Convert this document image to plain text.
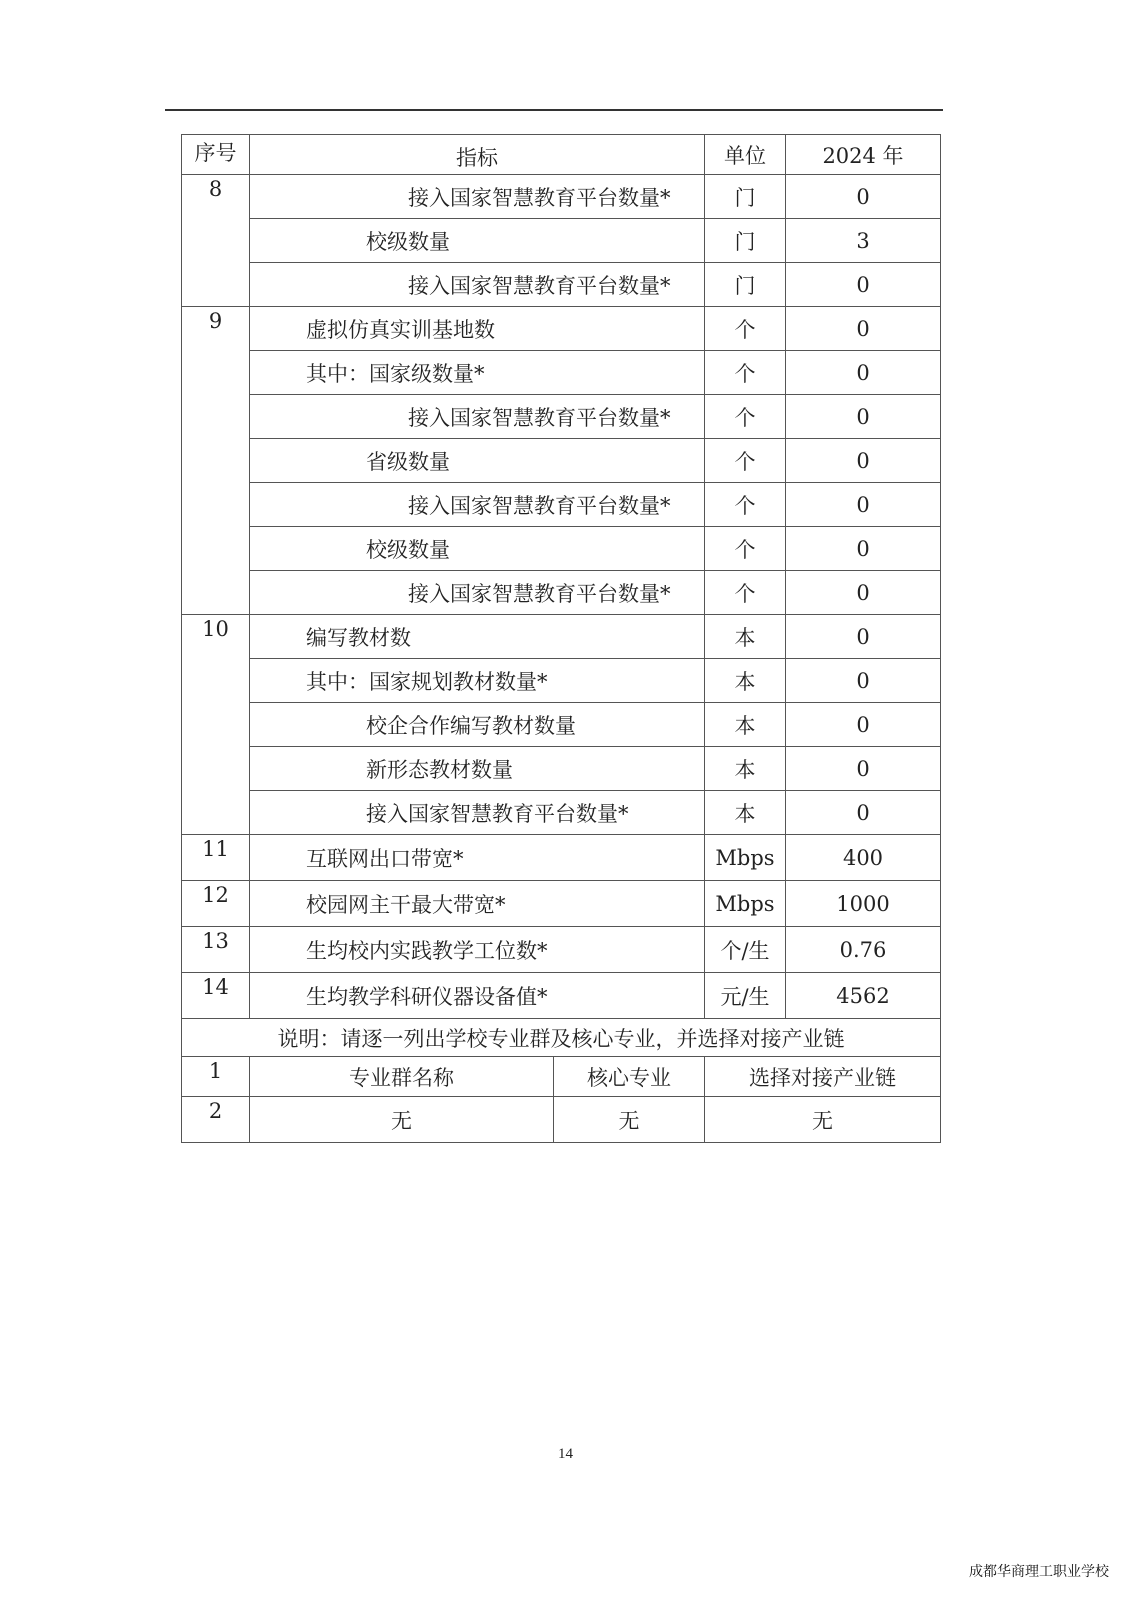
序号	指标		单位	2024 年
8	接入国家智慧教育平台数量*		门	0
	校级数量		门	3
	接入国家智慧教育平台数量*		门	0
9	虚拟仿真实训基地数		个	0
	其中：国家级数量*		个	0
	接入国家智慧教育平台数量*		个	0
	省级数量		个	0
	接入国家智慧教育平台数量*		个	0
	校级数量		个	0
	接入国家智慧教育平台数量*		个	0
10	编写教材数		本	0
	其中：国家规划教材数量*		本	0
	校企合作编写教材数量		本	0
	新形态教材数量		本	0
	接入国家智慧教育平台数量*		本	0
11	互联网出口带宽*		Mbps	400
12	校园网主干最大带宽*		Mbps	1000
13	生均校内实践教学工位数*		个/生	0.76
14	生均教学科研仪器设备值*		元/生	4562
说明：请逐一列出学校专业群及核心专业，并选择对接产业链				
1	专业群名称	核心专业	选择对接产业链	
2	无	无	无	
14
成都华商理工职业学校
